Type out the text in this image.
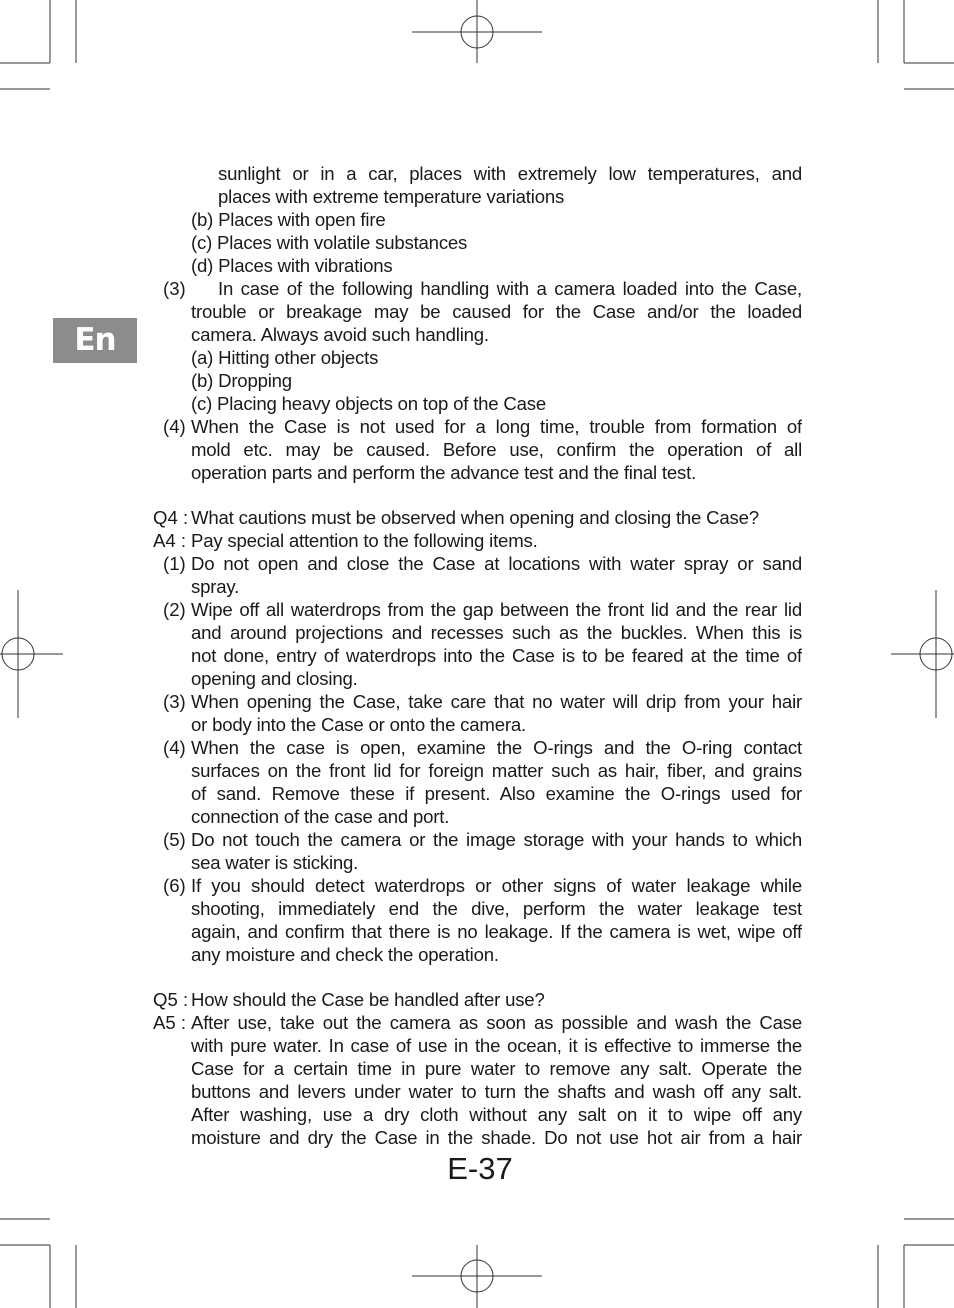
En
sunlight or in a car, places with extremely low temperatures, and
places with extreme temperature variations
(b) Places with open fire
(c) Places with volatile substances
(d) Places with vibrations
(3) In case of the following handling with a camera loaded into the Case,
trouble or breakage may be caused for the Case and/or the loaded
camera. Always avoid such handling.
(a) Hitting other objects
(b) Dropping
(c) Placing heavy objects on top of the Case
(4) When the Case is not used for a long time, trouble from formation of
mold etc. may be caused. Before use, confirm the operation of all
operation parts and perform the advance test and the final test.
Q4 : What cautions must be observed when opening and closing the Case?
A4 : Pay special attention to the following items.
(1) Do not open and close the Case at locations with water spray or sand
spray.
(2) Wipe off all waterdrops from the gap between the front lid and the rear lid
and around projections and recesses such as the buckles. When this is
not done, entry of waterdrops into the Case is to be feared at the time of
opening and closing.
(3) When opening the Case, take care that no water will drip from your hair
or body into the Case or onto the camera.
(4) When the case is open, examine the O-rings and the O-ring contact
surfaces on the front lid for foreign matter such as hair, fiber, and grains
of sand. Remove these if present. Also examine the O-rings used for
connection of the case and port.
(5) Do not touch the camera or the image storage with your hands to which
sea water is sticking.
(6) If you should detect waterdrops or other signs of water leakage while
shooting, immediately end the dive, perform the water leakage test
again, and confirm that there is no leakage. If the camera is wet, wipe off
any moisture and check the operation.
Q5 : How should the Case be handled after use?
A5 : After use, take out the camera as soon as possible and wash the Case
with pure water. In case of use in the ocean, it is effective to immerse the
Case for a certain time in pure water to remove any salt. Operate the
buttons and levers under water to turn the shafts and wash off any salt.
After washing, use a dry cloth without any salt on it to wipe off any
moisture and dry the Case in the shade. Do not use hot air from a hair
E-37
